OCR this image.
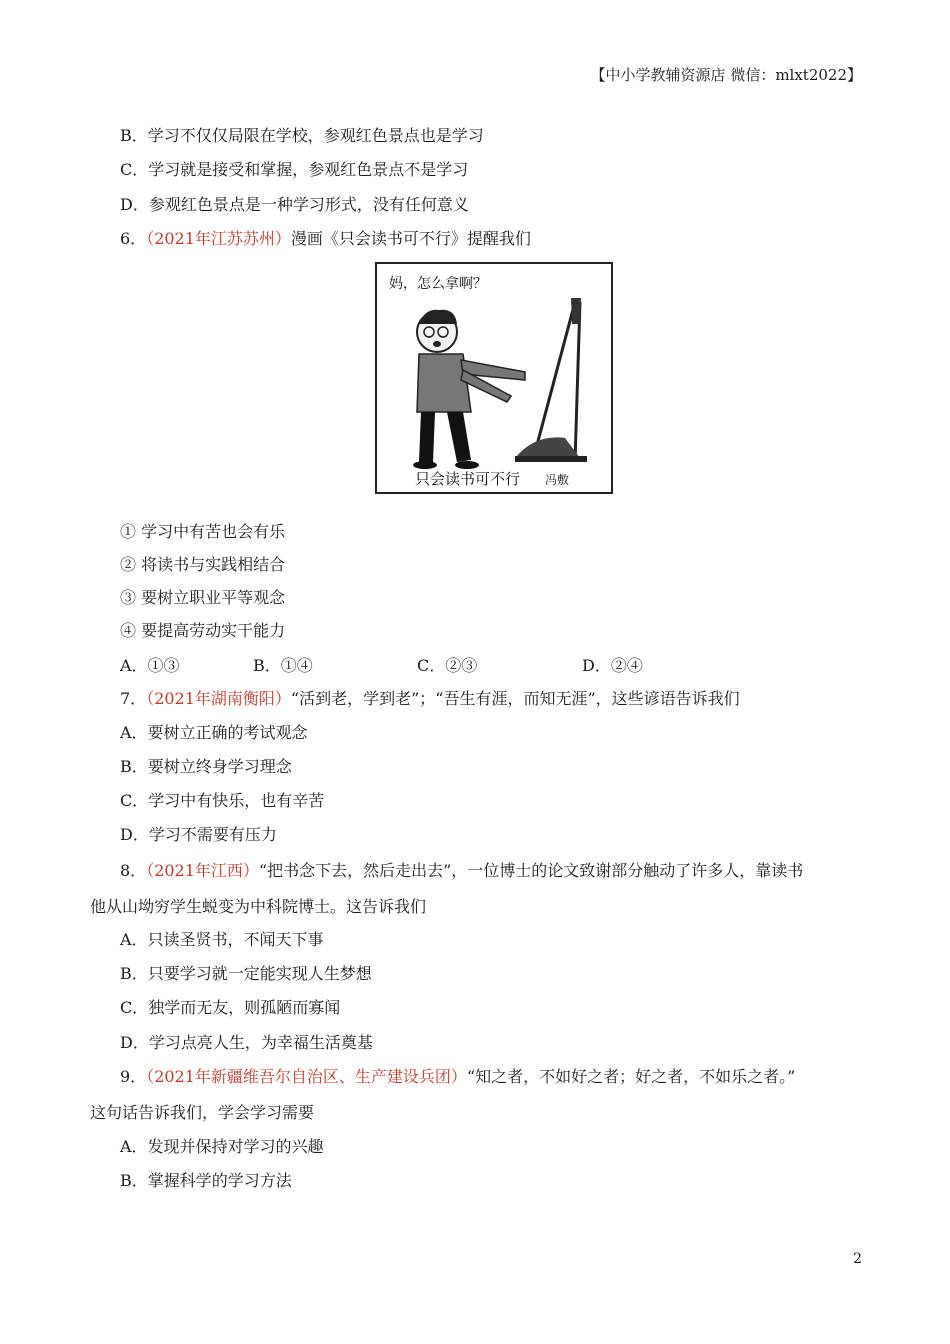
【中小学教辅资源店 微信：mlxt2022】
B．学习不仅仅局限在学校，参观红色景点也是学习
C．学习就是接受和掌握，参观红色景点不是学习
D．参观红色景点是一种学习形式，没有任何意义
6．（2021年江苏苏州）漫画《只会读书可不行》提醒我们
妈，怎么拿啊？
只会读书可不行 冯敷
① 学习中有苦也会有乐
② 将读书与实践相结合
③ 要树立职业平等观念
④ 要提高劳动实干能力
A．①③	B．①④	C．②③	D．②④
7．（2021年湖南衡阳）“活到老，学到老”；“吾生有涯，而知无涯”，这些谚语告诉我们
A．要树立正确的考试观念
B．要树立终身学习理念
C．学习中有快乐，也有辛苦
D．学习不需要有压力
8．（2021年江西）“把书念下去，然后走出去”，一位博士的论文致谢部分触动了许多人，靠读书
他从山坳穷学生蜕变为中科院博士。这告诉我们
A．只读圣贤书，不闻天下事
B．只要学习就一定能实现人生梦想
C．独学而无友，则孤陋而寡闻
D．学习点亮人生，为幸福生活奠基
9．（2021年新疆维吾尔自治区、生产建设兵团）“知之者，不如好之者；好之者，不如乐之者。”
这句话告诉我们，学会学习需要
A．发现并保持对学习的兴趣
B．掌握科学的学习方法
2
